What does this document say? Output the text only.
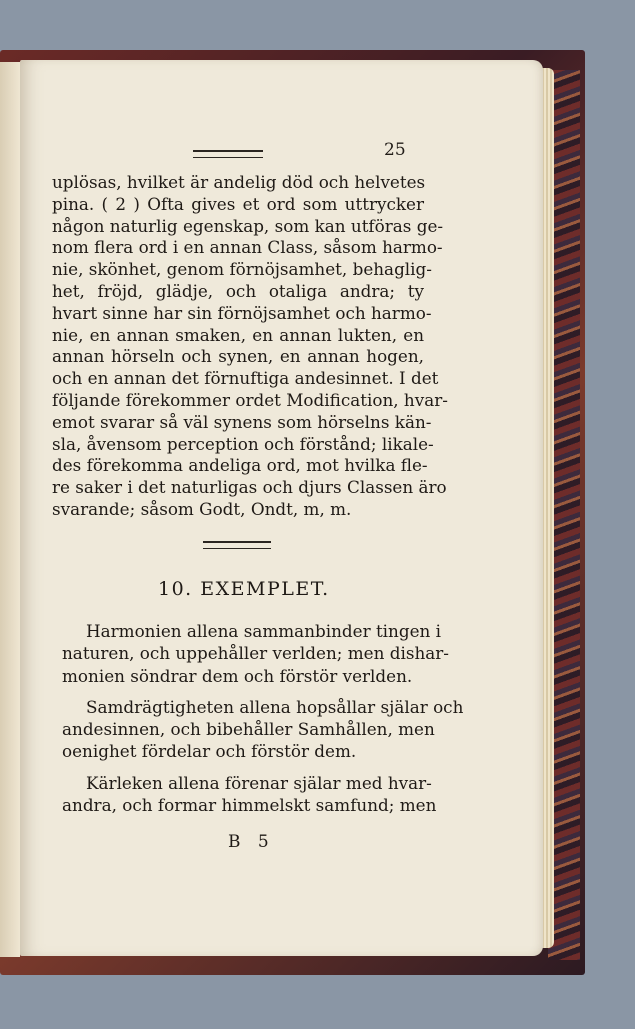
25
uplösas, hvilket är andelig död och helvetes
pina. ( 2 ) Ofta gives et ord som uttrycker
någon naturlig egenskap, som kan utföras ge-
nom flera ord i en annan Class, såsom harmo-
nie, skönhet, genom förnöjsamhet, behaglig-
het, fröjd, glädje, och otaliga andra; ty
hvart sinne har sin förnöjsamhet och harmo-
nie, en annan smaken, en annan lukten, en
annan hörseln och synen, en annan hogen,
och en annan det förnuftiga andesinnet. I det
följande förekommer ordet Modification, hvar-
emot svarar så väl synens som hörselns kän-
sla, åvensom perception och förstånd; likale-
des förekomma andeliga ord, mot hvilka fle-
re saker i det naturligas och djurs Classen äro
svarande; såsom Godt, Ondt, m, m.
10. EXEMPLET.
Harmonien allena sammanbinder tingen i
naturen, och uppehåller verlden; men dishar-
monien söndrar dem och förstör verlden.
Samdrägtigheten allena hopsållar själar och
andesinnen, och bibehåller Samhållen, men
oenighet fördelar och förstör dem.
Kärleken allena förenar själar med hvar-
andra, och formar himmelskt samfund; men
B 5
